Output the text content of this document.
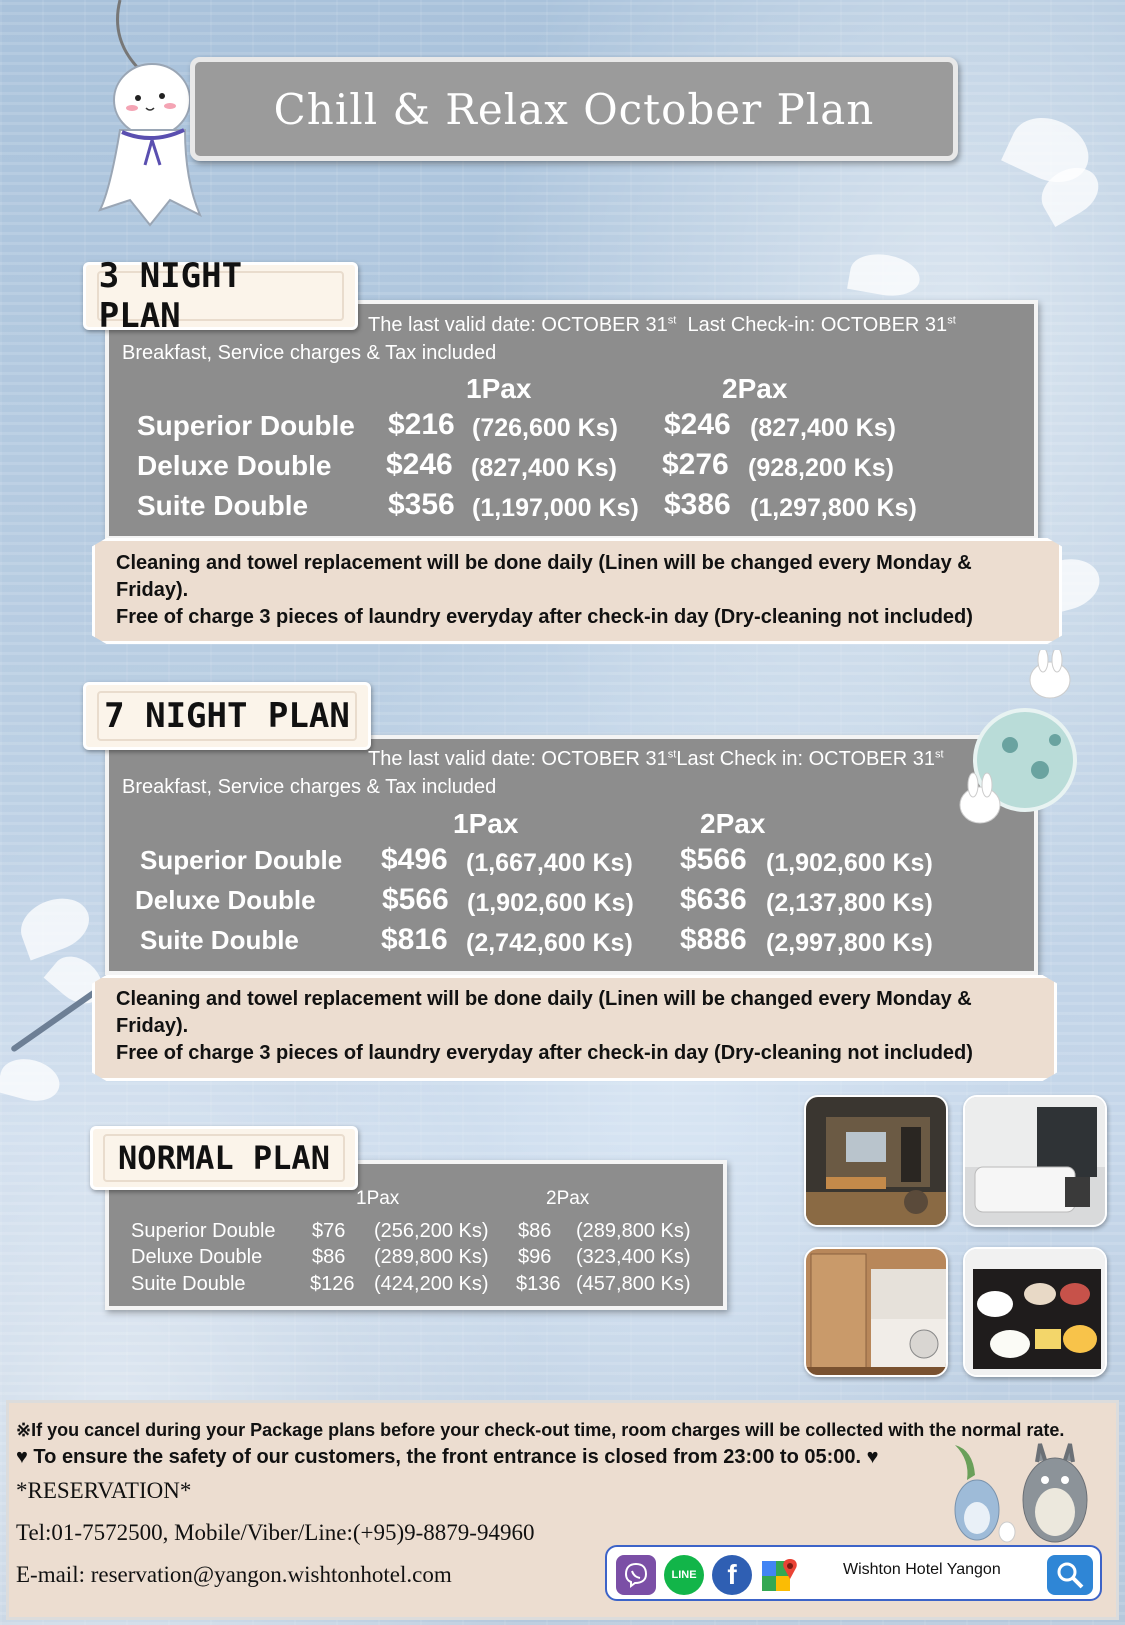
Chill & Relax October Plan
3 NIGHT PLAN	The last valid date: OCTOBER 31st Last Check-in: OCTOBER 31st
Breakfast, Service charges & Tax included
1Pax	2Pax
Superior Double $216 (726,600 Ks) $246 (827,400 Ks)
Deluxe Double $246 (827,400 Ks) $276 (928,200 Ks)
Suite Double	$356 (1,197,000 Ks) $386 (1,297,800 Ks)
Cleaning and towel replacement will be done daily (Linen will be changed every Monday &
Friday).
Free of charge 3 pieces of laundry everyday after check-in day (Dry-cleaning not included)
7 NIGHT PLAN
The last valid date: OCTOBER 31stLast Check in: OCTOBER 31st
Breakfast, Service charges & Tax included
1Pax	2Pax
Superior Double $496 (1,667,400 Ks) $566 (1,902,600 Ks)
Deluxe Double $566 (1,902,600 Ks) $636 (2,137,800 Ks)
Suite Double	$816 (2,742,600 Ks) $886 (2,997,800 Ks)
Cleaning and towel replacement will be done daily (Linen will be changed every Monday &
Friday).
Free of charge 3 pieces of laundry everyday after check-in day (Dry-cleaning not included)
NORMAL PLAN
1Pax	2Pax
Superior Double $76 (256,200 Ks) $86 (289,800 Ks)
Deluxe Double $86 (289,800 Ks) $96 (323,400 Ks)
Suite Double	$126 (424,200 Ks) $136 (457,800 Ks)
※If you cancel during your Package plans before your check-out time, room charges will be collected with the normal rate.
♥ To ensure the safety of our customers, the front entrance is closed from 23:00 to 05:00. ♥
*RESERVATION*
Tel:01-7572500, Mobile/Viber/Line:(+95)9-8879-94960
E-mail: reservation@yangon.wishtonhotel.com	LINE	f	Wishton Hotel Yangon
